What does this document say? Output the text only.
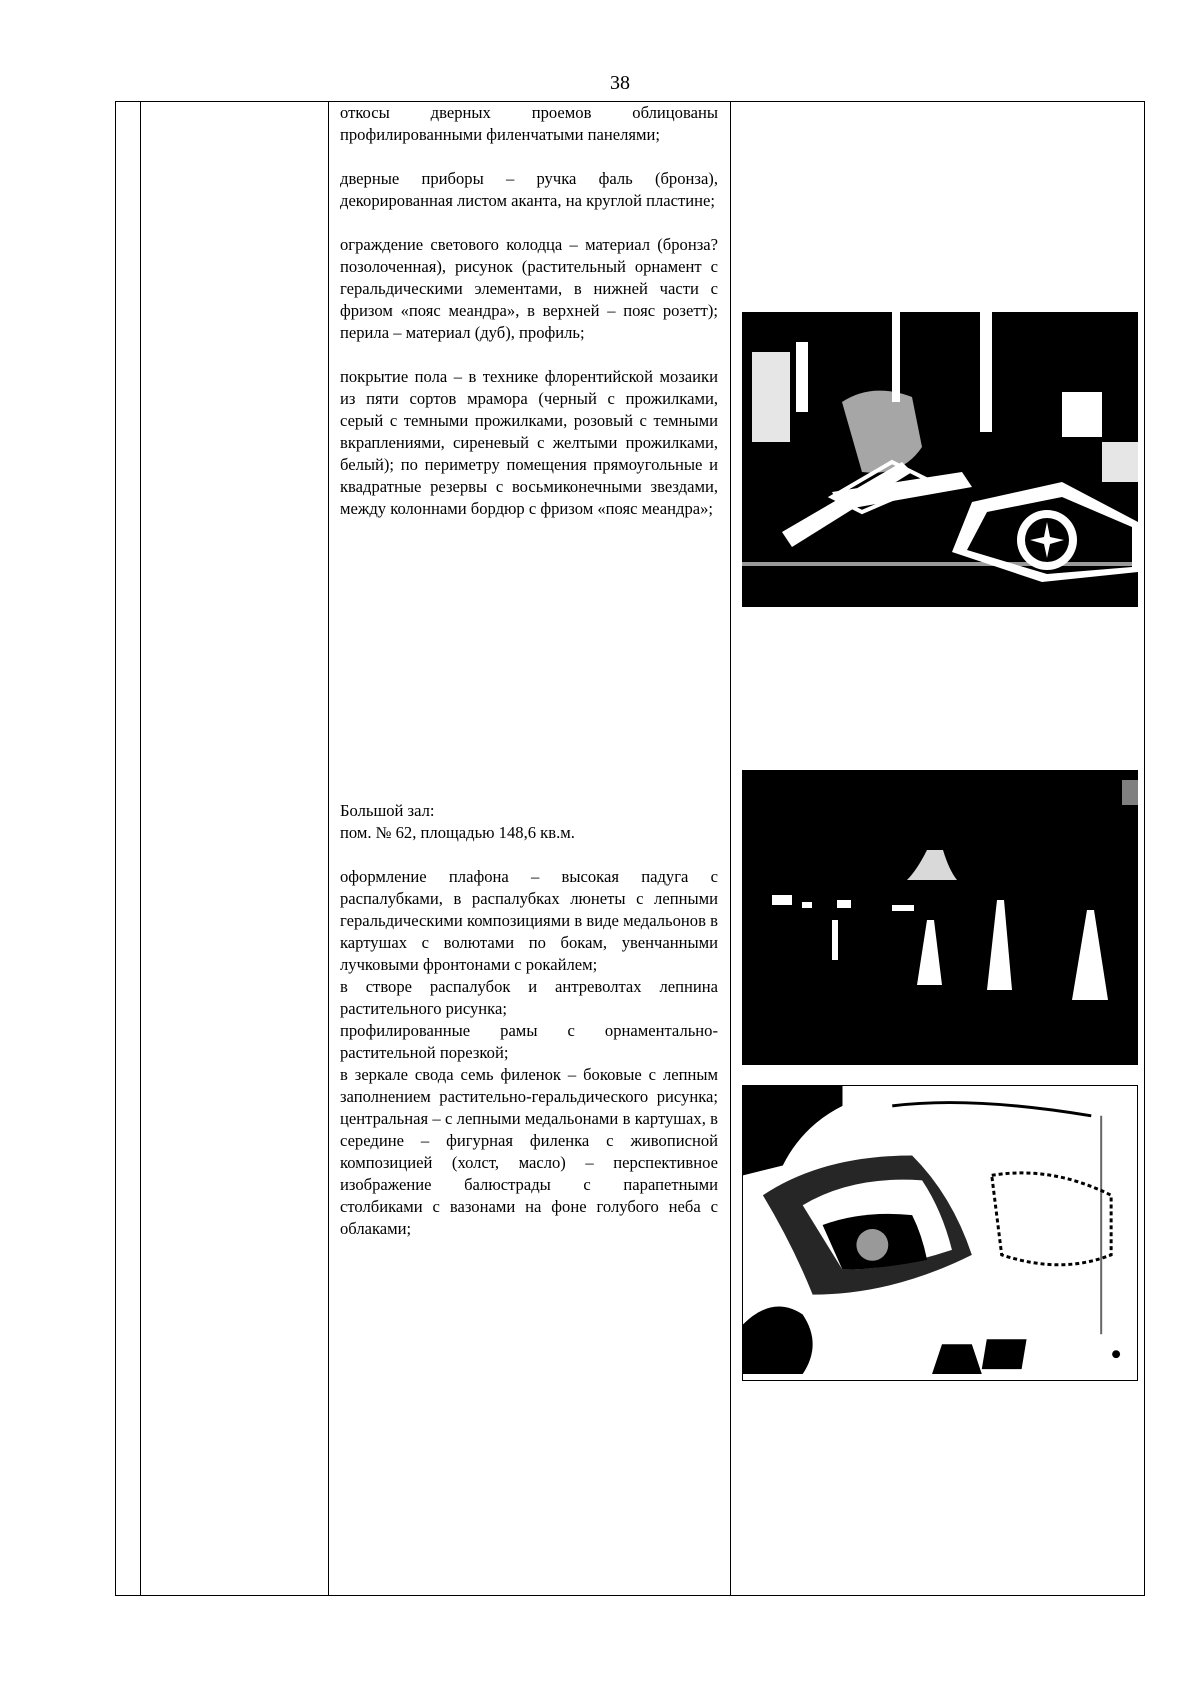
38

откосы дверных проемов облицованы профилированными филенчатыми панелями;

дверные приборы – ручка фаль (бронза), декорированная листом аканта, на круглой пластине;

ограждение светового колодца – материал (бронза? позолоченная), рисунок (растительный орнамент с геральдическими элементами, в нижней части с фризом «пояс меандра», в верхней – пояс розетт); перила – материал (дуб), профиль;

покрытие пола – в технике флорентийской мозаики из пяти сортов мрамора (черный с прожилками, серый с темными прожилками, розовый с темными вкраплениями, сиреневый с желтыми прожилками, белый); по периметру помещения прямоугольные и квадратные резервы с восьмиконечными звездами, между колоннами бордюр с фризом «пояс меандра»;

Большой зал:

пом. № 62, площадью 148,6 кв.м.

оформление плафона – высокая падуга с распалубками, в распалубках люнеты с лепными геральдическими композициями в виде медальонов в картушах с волютами по бокам, увенчанными лучковыми фронтонами с рокайлем;

в створе распалубок и антреволтах лепнина растительного рисунка;

профилированные рамы с орнаментально-растительной порезкой;

в зеркале свода семь филенок – боковые с лепным заполнением растительно-геральдического рисунка; центральная – с лепными медальонами в картушах, в середине – фигурная филенка с живописной композицией (холст, масло) – перспективное изображение балюстрады с парапетными столбиками с вазонами на фоне голубого неба с облаками;
